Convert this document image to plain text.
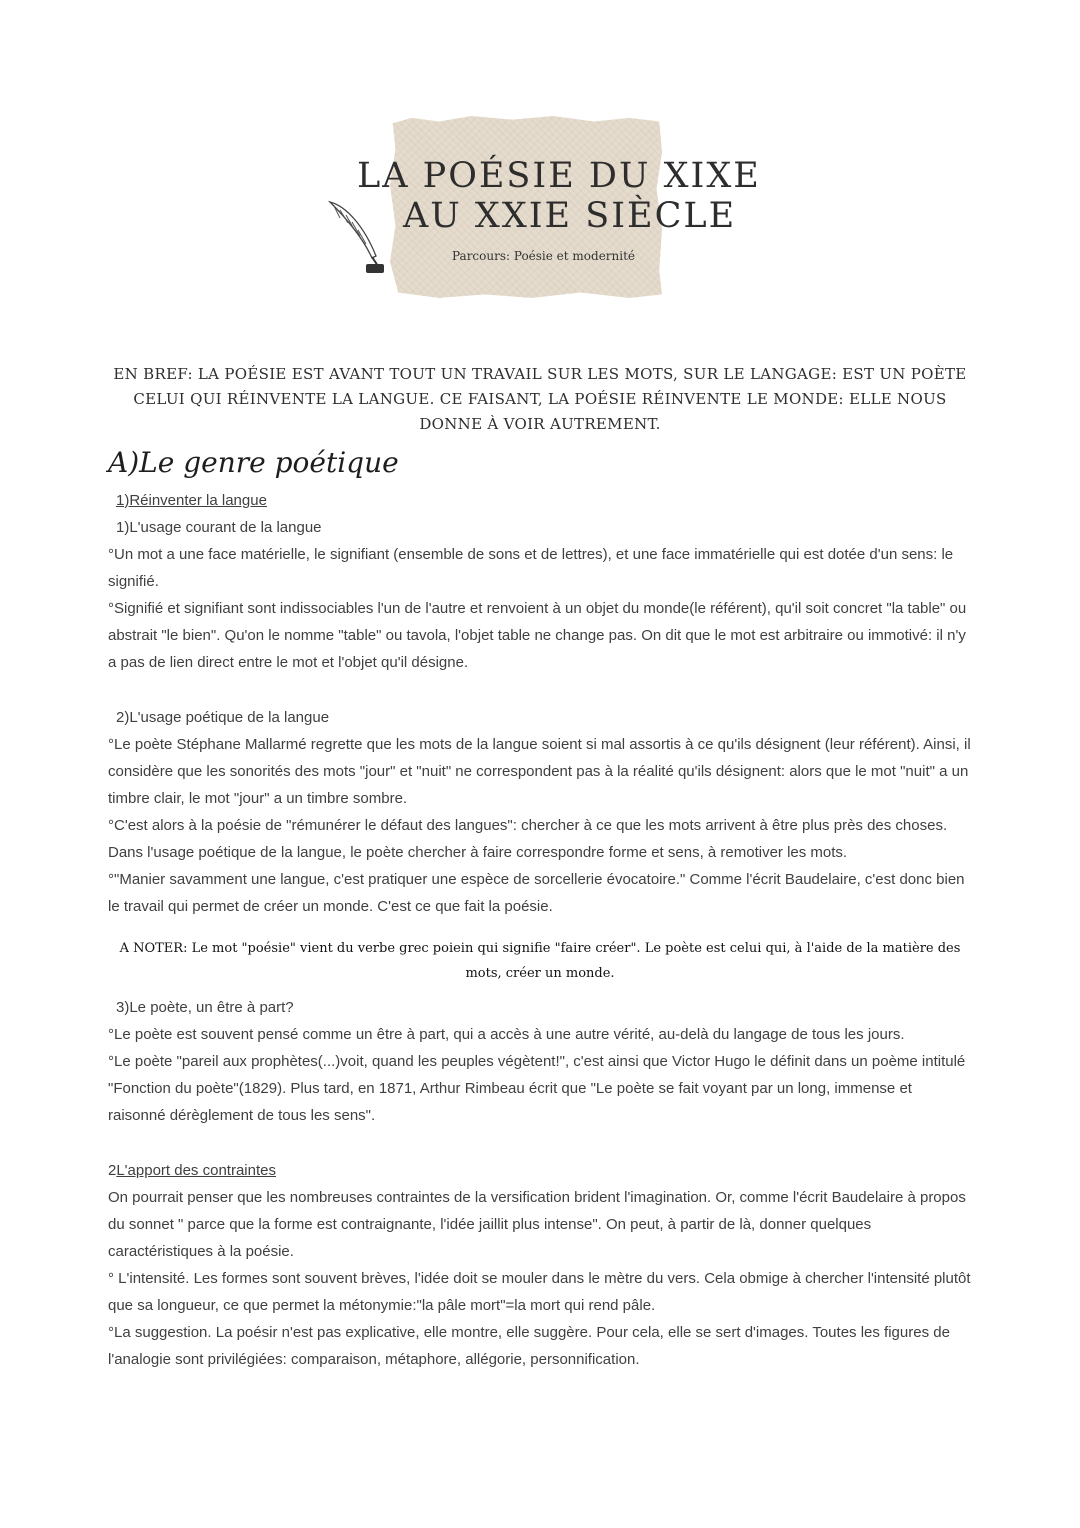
LA POÉSIE DU XIXE
AU XXIE SIÈCLE
Parcours: Poésie et modernité
EN BREF: LA POÉSIE EST AVANT TOUT UN TRAVAIL SUR LES MOTS, SUR LE LANGAGE: EST UN POÈTE CELUI QUI RÉINVENTE LA LANGUE. CE FAISANT, LA POÉSIE RÉINVENTE LE MONDE: ELLE NOUS DONNE À VOIR AUTREMENT.
A)Le genre poétique
1)Réinventer la langue
1)L'usage courant de la langue
°Un mot a une face matérielle, le signifiant (ensemble de sons et de lettres), et une face immatérielle qui est dotée d'un sens: le signifié.
°Signifié et signifiant sont indissociables l'un de l'autre et renvoient à un objet du monde(le référent), qu'il soit concret "la table" ou abstrait "le bien". Qu'on le nomme "table" ou tavola, l'objet table ne change pas. On dit que le mot est arbitraire ou immotivé: il n'y a pas de lien direct entre le mot et l'objet qu'il désigne.
2)L'usage poétique de la langue
°Le poète Stéphane Mallarmé regrette que les mots de la langue soient si mal assortis à ce qu'ils désignent (leur référent). Ainsi, il considère que les sonorités des mots "jour" et "nuit" ne correspondent pas à la réalité qu'ils désignent: alors que le mot "nuit" a un timbre clair, le mot "jour" a un timbre sombre.
°C'est alors à la poésie de "rémunérer le défaut des langues": chercher à ce que les mots arrivent à être plus près des choses. Dans l'usage poétique de la langue, le poète chercher à faire correspondre forme et sens, à remotiver les mots.
°"Manier savamment une langue, c'est pratiquer une espèce de sorcellerie évocatoire." Comme l'écrit Baudelaire, c'est donc bien le travail qui permet de créer un monde. C'est ce que fait la poésie.
A NOTER: Le mot "poésie" vient du verbe grec poiein qui signifie "faire créer". Le poète est celui qui, à l'aide de la matière des mots, créer un monde.
3)Le poète, un être à part?
°Le poète est souvent pensé comme un être à part, qui a accès à une autre vérité, au-delà du langage de tous les jours.
°Le poète "pareil aux prophètes(...)voit, quand les peuples végètent!", c'est ainsi que Victor Hugo le définit dans un poème intitulé "Fonction du poète"(1829). Plus tard, en 1871, Arthur Rimbeau écrit que "Le poète se fait voyant par un long, immense et raisonné dérèglement de tous les sens".
2L'apport des contraintes
On pourrait penser que les nombreuses contraintes de la versification brident l'imagination. Or, comme l'écrit Baudelaire à propos du sonnet " parce que la forme est contraignante, l'idée jaillit plus intense". On peut, à partir de là, donner quelques caractéristiques à la poésie.
° L'intensité. Les formes sont souvent brèves, l'idée doit se mouler dans le mètre du vers. Cela obmige à chercher l'intensité plutôt que sa longueur, ce que permet la métonymie:"la pâle mort"=la mort qui rend pâle.
°La suggestion. La poésir n'est pas explicative, elle montre, elle suggère. Pour cela, elle se sert d'images. Toutes les figures de l'analogie sont privilégiées: comparaison, métaphore, allégorie, personnification.
